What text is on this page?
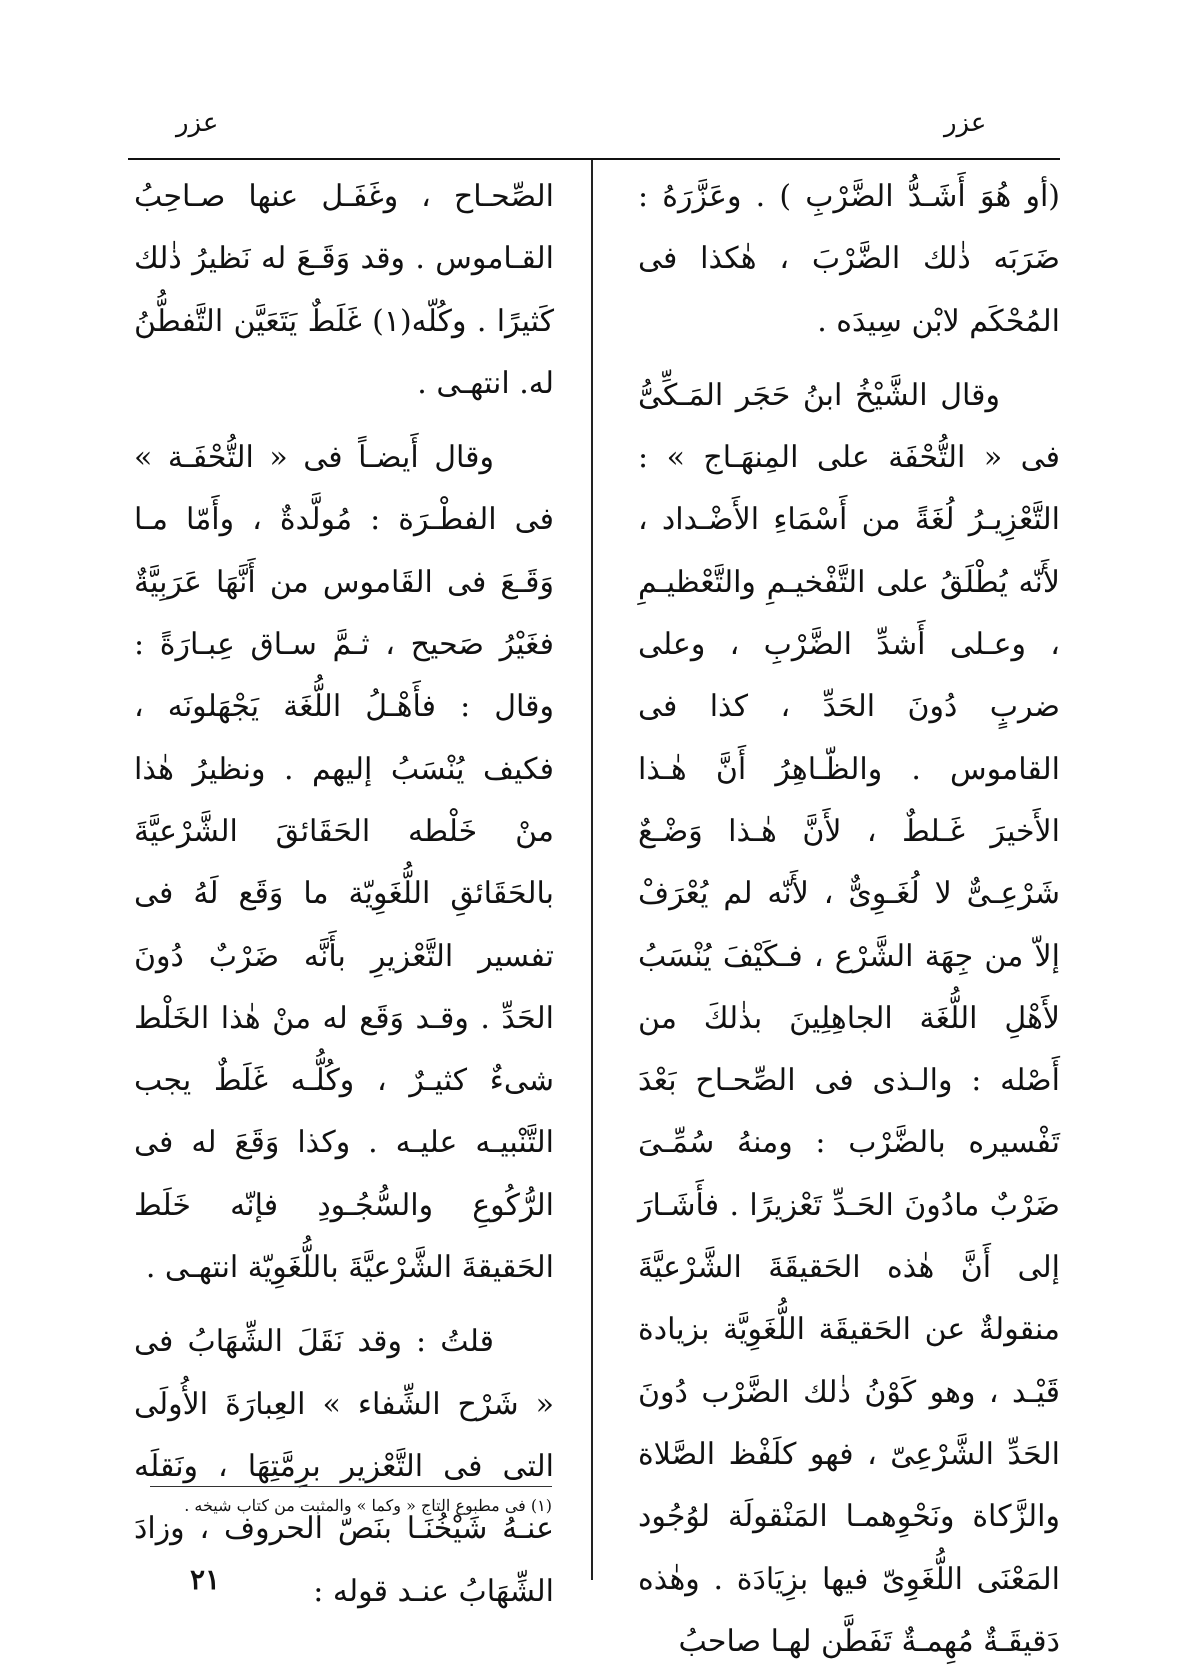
عزر
عزر

(أو هُوَ أَشَـدُّ الضَّرْبِ ) . وعَزَّرَهُ : ضَرَبَه ذٰلك الضَّرْبَ ، هٰكذا فى المُحْكَم لابْن سِيدَه .

وقال الشَّيْخُ ابنُ حَجَر المَـكِّىُّ فى « التُّحْفَة على المِنهَـاج » : التَّعْزِيـرُ لُغَةً من أَسْمَاءِ الأَضْـداد ، لأَنّه يُطْلَقُ على التَّفْخيـمِ والتَّعْظيـمِ ، وعـلى أَشدِّ الضَّرْبِ ، وعلى ضربٍ دُونَ الحَدِّ ، كذا فى القاموس . والظّـاهِرُ أَنَّ هٰـذا الأَخيرَ غَـلطٌ ، لأَنَّ هٰـذا وَضْـعٌ شَرْعِـىٌّ لا لُغَـوِىٌّ ، لأَنّه لم يُعْرَفْ إلاّ من جِهَة الشَّرْع ، فـكَيْفَ يُنْسَبُ لأَهْلِ اللُّغَة الجاهِلِينَ بذٰلكَ من أَصْله : والـذى فى الصِّحـاح بَعْدَ تَفْسيره بالضَّرْب : ومنهُ سُمِّـىَ ضَرْبٌ مادُونَ الحَـدِّ تَعْزيرًا . فأَشَـارَ إلى أَنَّ هٰذه الحَقيقَةَ الشَّرْعيَّةَ منقولةٌ عن الحَقيقَة اللُّغَوِيَّة بزيادة قَيْـد ، وهو كَوْنُ ذٰلك الضَّرْب دُونَ الحَدِّ الشَّرْعِىّ ، فهو كلَفْظ الصَّلاة والزَّكاة ونَحْوِهمـا المَنْقولَة لوُجُود المَعْنَى اللُّغَوِىّ فيها بزِيَادَة . وهٰذه دَقيقَـةٌ مُهِمـةٌ تَفَطَّن لهـا صاحبُ

الصِّحـاح ، وغَفَـل عنها صـاحِبُ القـاموس . وقد وَقَـعَ له نَظيرُ ذٰلك كَثيرًا . وكُلّه(١) غَلَطٌ يَتَعَيَّن التَّفطُّنُ له. انتهـى .

وقال أَيضـاً فى « التُّحْفَـة » فى الفطْـرَة : مُولَّدةٌ ، وأَمّا مـا وَقَـعَ فى القَاموس من أَنَّهَا عَرَبِيَّةٌ فغَيْرُ صَحيح ، ثـمَّ سـاق عِبـارَةً : وقال : فأَهْـلُ اللُّغَة يَجْهَلونَه ، فكيف يُنْسَبُ إليهم . ونظيرُ هٰذا منْ خَلْطه الحَقَائقَ الشَّرْعيَّةَ بالحَقَائقِ اللُّغَوِيّة ما وَقَع لَهُ فى تفسير التَّعْزيرِ بأَنَّه ضَرْبٌ دُونَ الحَدِّ . وقـد وَقَع له منْ هٰذا الخَلْط شىءٌ كثيـرٌ ، وكُلُّـه غَلَطٌ يجب التَّنْبيـه عليـه . وكذا وَقَعَ له فى الرُّكُوعِ والسُّجُـودِ فإنّه خَلَط الحَقيقةَ الشَّرْعيَّةَ باللُّغَوِيّة انتهـى .

قلتُ : وقد نَقَلَ الشِّهَابُ فى « شَرْح الشِّفاء » العِبارَةَ الأُولَى التى فى التَّعْزير برِمَّتِهَا ، ونَقلَه عنـهُ شَيْخُنَـا بنَصّ الحروف ، وزادَ الشِّهَابُ عنـد قوله :

(١) فى مطبوع التاج « وكما » والمثبت من كتاب شيخه .
٢١
